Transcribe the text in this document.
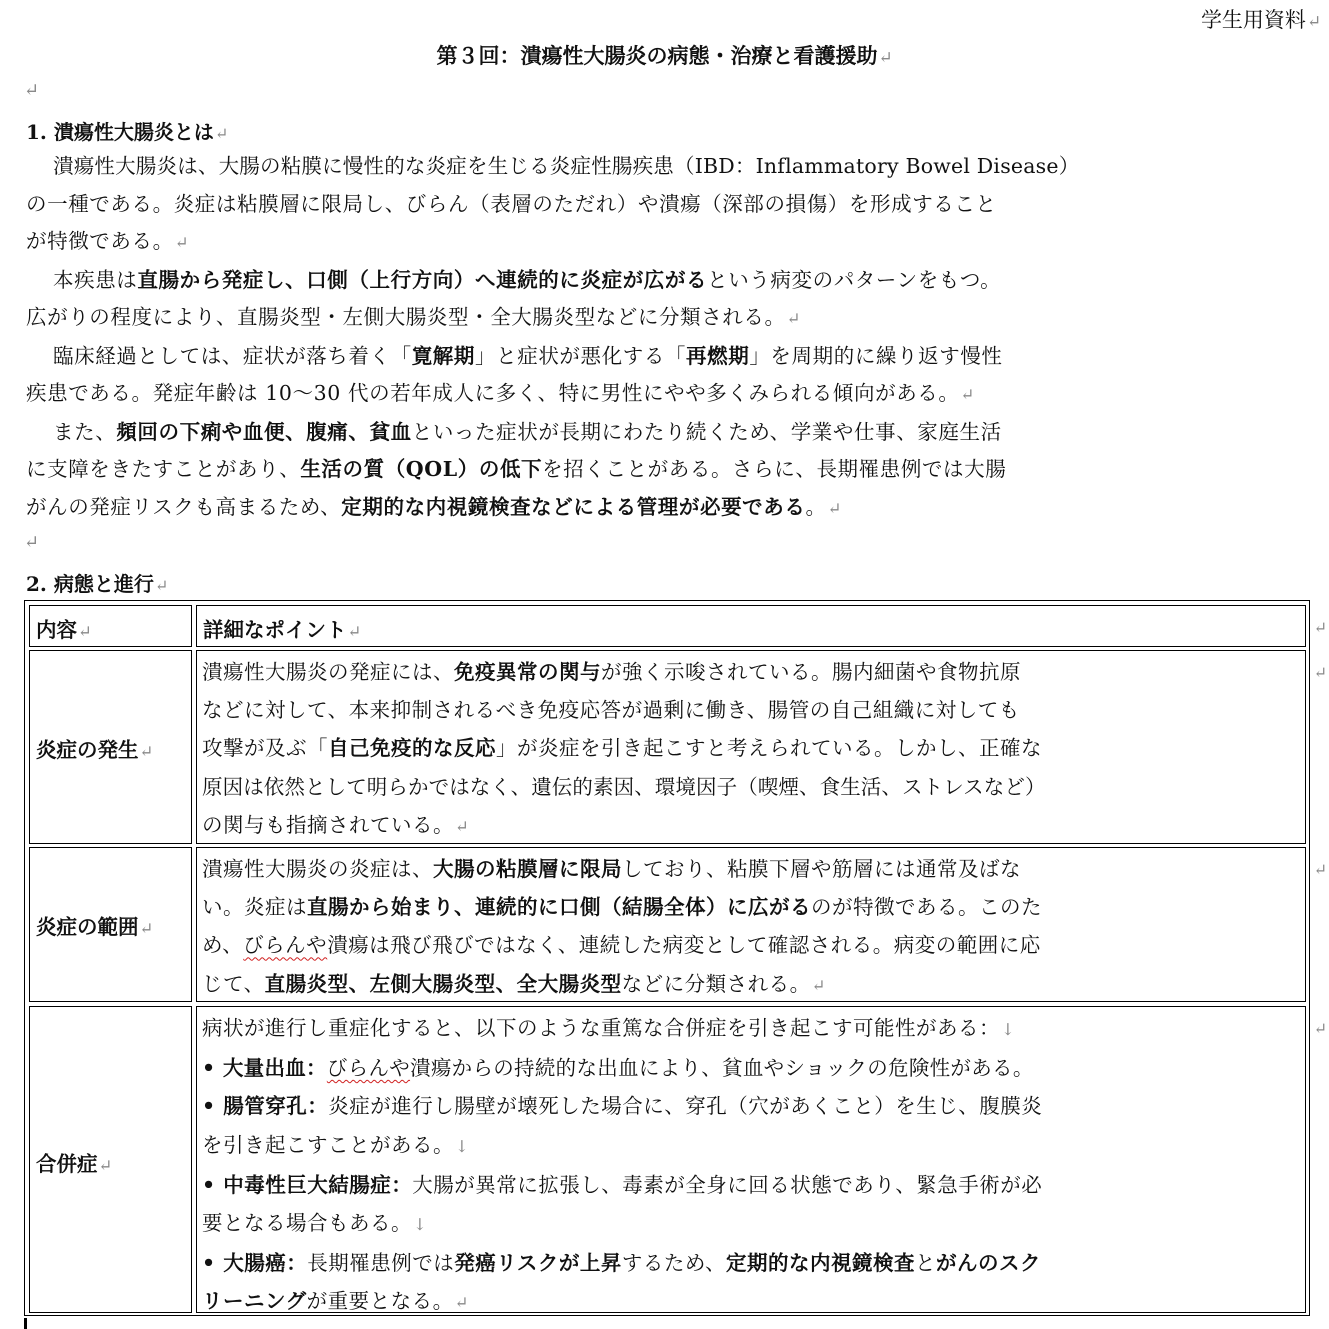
学生用資料↵
第３回：潰瘍性大腸炎の病態・治療と看護援助↵
↵
1. 潰瘍性大腸炎とは↵
潰瘍性大腸炎は、大腸の粘膜に慢性的な炎症を生じる炎症性腸疾患（IBD：Inflammatory Bowel Disease）
の一種である。炎症は粘膜層に限局し、びらん（表層のただれ）や潰瘍（深部の損傷）を形成すること
が特徴である。↵
本疾患は直腸から発症し、口側（上行方向）へ連続的に炎症が広がるという病変のパターンをもつ。
広がりの程度により、直腸炎型・左側大腸炎型・全大腸炎型などに分類される。↵
臨床経過としては、症状が落ち着く「寛解期」と症状が悪化する「再燃期」を周期的に繰り返す慢性
疾患である。発症年齢は 10～30 代の若年成人に多く、特に男性にやや多くみられる傾向がある。↵
また、頻回の下痢や血便、腹痛、貧血といった症状が長期にわたり続くため、学業や仕事、家庭生活
に支障をきたすことがあり、生活の質（QOL）の低下を招くことがある。さらに、長期罹患例では大腸
がんの発症リスクも高まるため、定期的な内視鏡検査などによる管理が必要である。↵
↵
2. 病態と進行↵
内容↵	詳細なポイント↵	↵
炎症の発生↵
潰瘍性大腸炎の発症には、免疫異常の関与が強く示唆されている。腸内細菌や食物抗原
などに対して、本来抑制されるべき免疫応答が過剰に働き、腸管の自己組織に対しても
攻撃が及ぶ「自己免疫的な反応」が炎症を引き起こすと考えられている。しかし、正確な
原因は依然として明らかではなく、遺伝的素因、環境因子（喫煙、食生活、ストレスなど）
の関与も指摘されている。↵
↵
炎症の範囲↵
潰瘍性大腸炎の炎症は、大腸の粘膜層に限局しており、粘膜下層や筋層には通常及ばな
い。炎症は直腸から始まり、連続的に口側（結腸全体）に広がるのが特徴である。このた
め、びらんや潰瘍は飛び飛びではなく、連続した病変として確認される。病変の範囲に応
じて、直腸炎型、左側大腸炎型、全大腸炎型などに分類される。↵
↵
合併症↵
病状が進行し重症化すると、以下のような重篤な合併症を引き起こす可能性がある：↓
• 大量出血：びらんや潰瘍からの持続的な出血により、貧血やショックの危険性がある。
• 腸管穿孔：炎症が進行し腸壁が壊死した場合に、穿孔（穴があくこと）を生じ、腹膜炎
を引き起こすことがある。↓
• 中毒性巨大結腸症：大腸が異常に拡張し、毒素が全身に回る状態であり、緊急手術が必
要となる場合もある。↓
• 大腸癌：長期罹患例では発癌リスクが上昇するため、定期的な内視鏡検査とがんのスク
リーニングが重要となる。↵
↵
